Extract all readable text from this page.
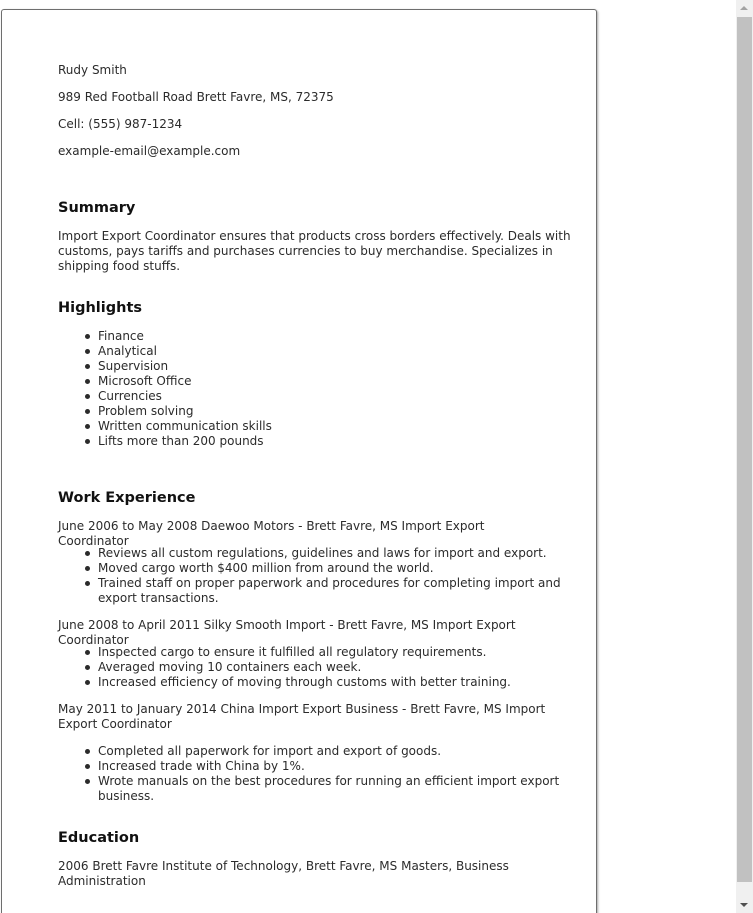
Rudy Smith

989 Red Football Road Brett Favre, MS, 72375

Cell: (555) 987-1234

example-email@example.com

Summary

Import Export Coordinator ensures that products cross borders effectively. Deals with customs, pays tariffs and purchases currencies to buy merchandise. Specializes in shipping food stuffs.

Highlights
Finance
Analytical
Supervision
Microsoft Office
Currencies
Problem solving
Written communication skills
Lifts more than 200 pounds
Work Experience

June 2006 to May 2008 Daewoo Motors - Brett Favre, MS Import Export Coordinator

Reviews all custom regulations, guidelines and laws for import and export.
Moved cargo worth $400 million from around the world.
Trained staff on proper paperwork and procedures for completing import and export transactions.

June 2008 to April 2011 Silky Smooth Import - Brett Favre, MS Import Export Coordinator

Inspected cargo to ensure it fulfilled all regulatory requirements.
Averaged moving 10 containers each week.
Increased efficiency of moving through customs with better training.

May 2011 to January 2014 China Import Export Business - Brett Favre, MS Import Export Coordinator

Completed all paperwork for import and export of goods.
Increased trade with China by 1%.
Wrote manuals on the best procedures for running an efficient import export business.
Education

2006 Brett Favre Institute of Technology, Brett Favre, MS Masters, Business Administration
